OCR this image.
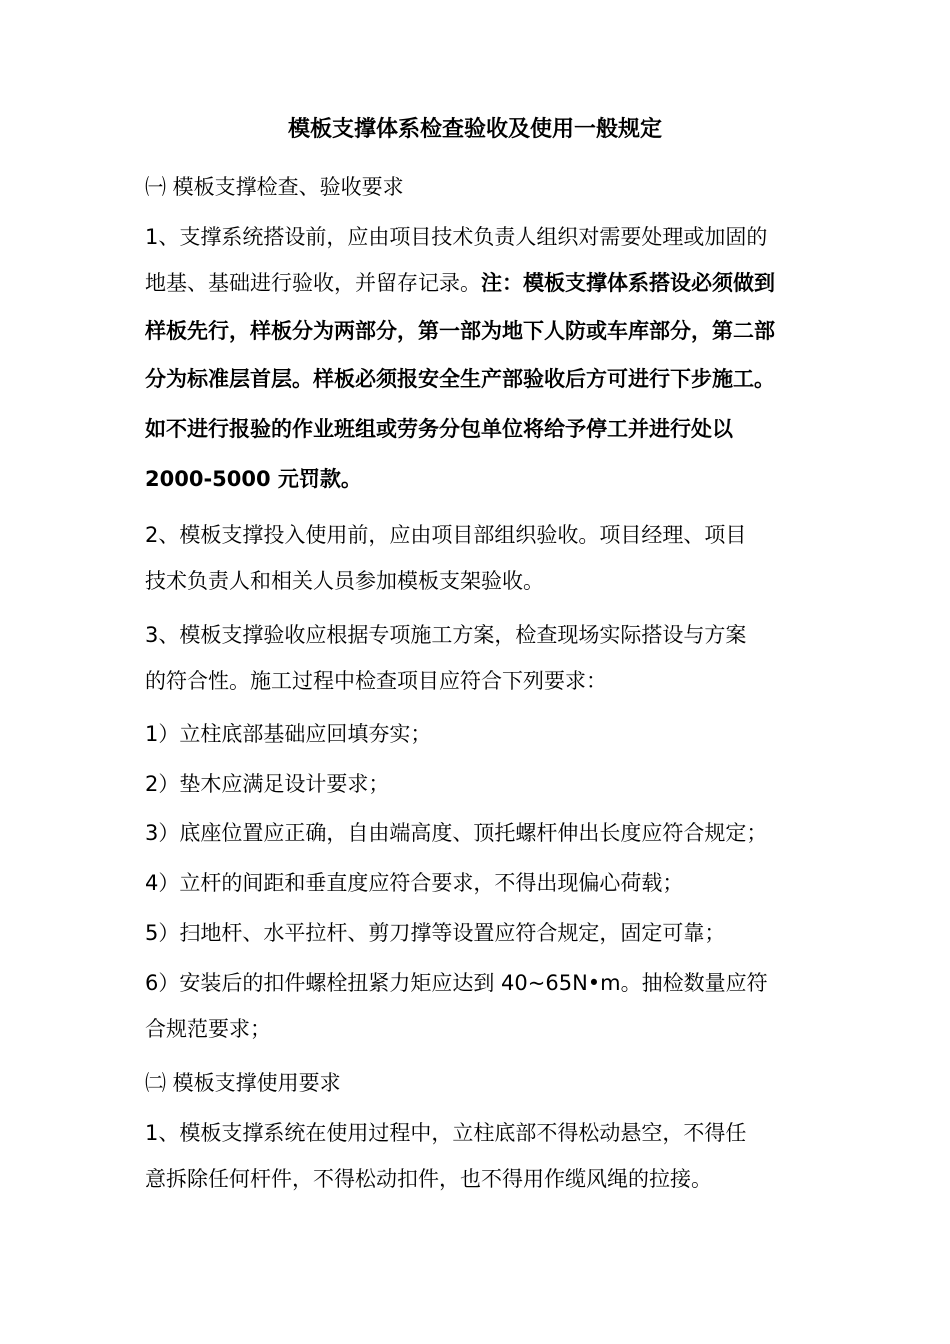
模板支撑体系检查验收及使用一般规定

㈠ 模板支撑检查、验收要求

1、支撑系统搭设前，应由项目技术负责人组织对需要处理或加固的

地基、基础进行验收，并留存记录。注：模板支撑体系搭设必须做到

样板先行，样板分为两部分，第一部为地下人防或车库部分，第二部

分为标准层首层。样板必须报安全生产部验收后方可进行下步施工。

如不进行报验的作业班组或劳务分包单位将给予停工并进行处以

2000-5000 元罚款。

2、模板支撑投入使用前，应由项目部组织验收。项目经理、项目

技术负责人和相关人员参加模板支架验收。

3、模板支撑验收应根据专项施工方案，检查现场实际搭设与方案

的符合性。施工过程中检查项目应符合下列要求：

1）立柱底部基础应回填夯实；

2）垫木应满足设计要求；

3）底座位置应正确，自由端高度、顶托螺杆伸出长度应符合规定；

4）立杆的间距和垂直度应符合要求，不得出现偏心荷载；

5）扫地杆、水平拉杆、剪刀撑等设置应符合规定，固定可靠；

6）安装后的扣件螺栓扭紧力矩应达到 40~65N•m。抽检数量应符

合规范要求；

㈡ 模板支撑使用要求

1、模板支撑系统在使用过程中，立柱底部不得松动悬空，不得任

意拆除任何杆件，不得松动扣件，也不得用作缆风绳的拉接。
